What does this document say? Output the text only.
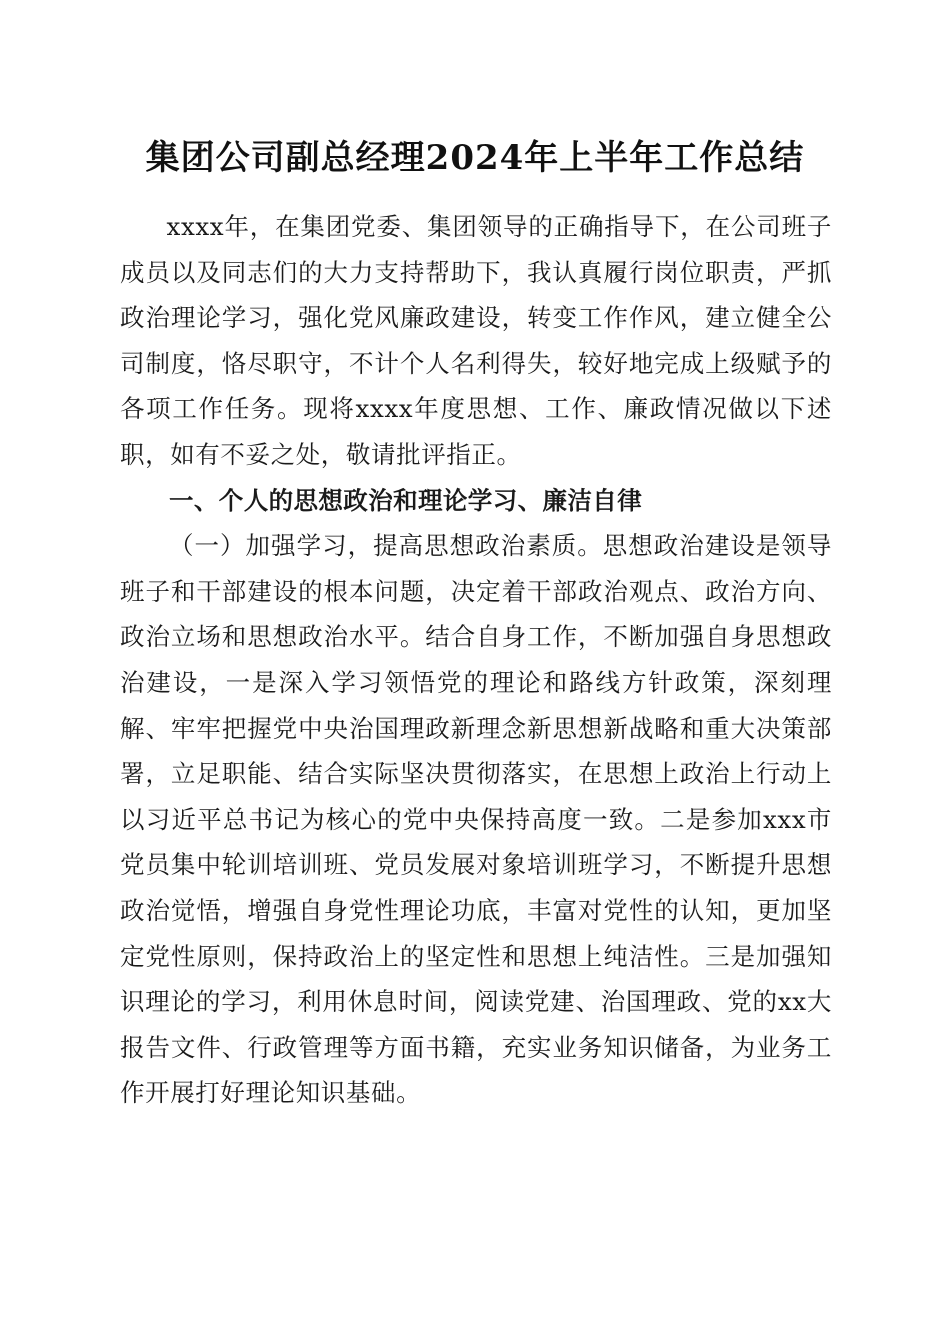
集团公司副总经理2024年上半年工作总结

xxxx年，在集团党委、集团领导的正确指导下，在公司班子成员以及同志们的大力支持帮助下，我认真履行岗位职责，严抓政治理论学习，强化党风廉政建设，转变工作作风，建立健全公司制度，恪尽职守，不计个人名利得失，较好地完成上级赋予的各项工作任务。现将xxxx年度思想、工作、廉政情况做以下述职，如有不妥之处，敬请批评指正。

一、个人的思想政治和理论学习、廉洁自律

（一）加强学习，提高思想政治素质。思想政治建设是领导班子和干部建设的根本问题，决定着干部政治观点、政治方向、政治立场和思想政治水平。结合自身工作，不断加强自身思想政治建设，一是深入学习领悟党的理论和路线方针政策，深刻理解、牢牢把握党中央治国理政新理念新思想新战略和重大决策部署，立足职能、结合实际坚决贯彻落实，在思想上政治上行动上以习近平总书记为核心的党中央保持高度一致。二是参加xxx市党员集中轮训培训班、党员发展对象培训班学习，不断提升思想政治觉悟，增强自身党性理论功底，丰富对党性的认知，更加坚定党性原则，保持政治上的坚定性和思想上纯洁性。三是加强知识理论的学习，利用休息时间，阅读党建、治国理政、党的xx大报告文件、行政管理等方面书籍，充实业务知识储备，为业务工作开展打好理论知识基础。
